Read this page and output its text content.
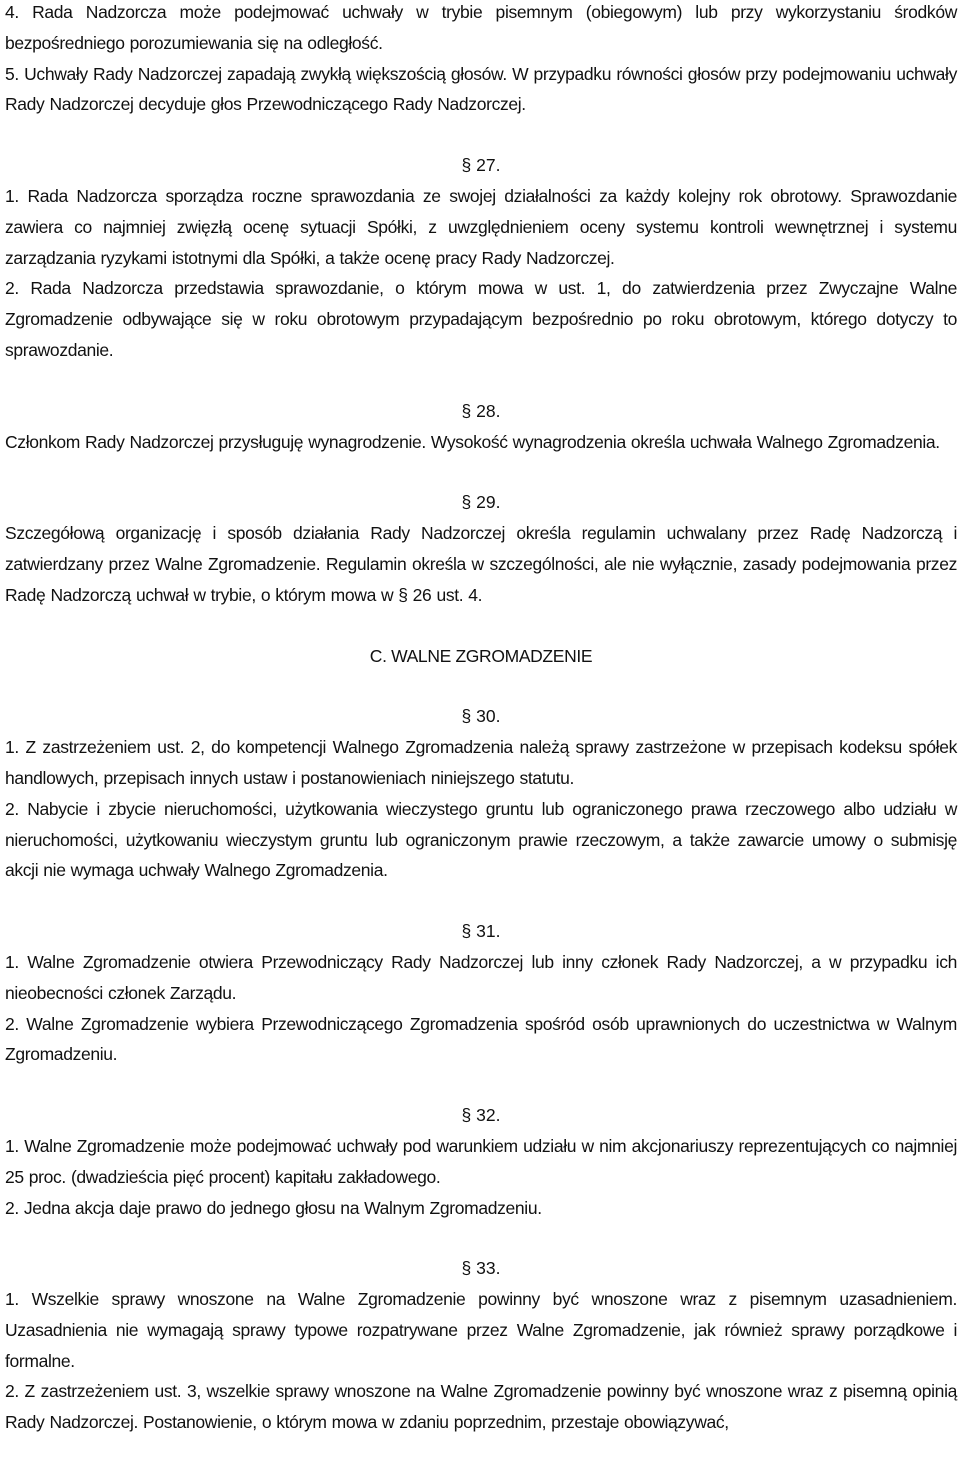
4. Rada Nadzorcza może podejmować uchwały w trybie pisemnym (obiegowym) lub przy wykorzystaniu środków bezpośredniego porozumiewania się na odległość.

5. Uchwały Rady Nadzorczej zapadają zwykłą większością głosów. W przypadku równości głosów przy podejmowaniu uchwały Rady Nadzorczej decyduje głos Przewodniczącego Rady Nadzorczej.

§ 27.

1. Rada Nadzorcza sporządza roczne sprawozdania ze swojej działalności za każdy kolejny rok obrotowy. Sprawozdanie zawiera co najmniej zwięzłą ocenę sytuacji Spółki, z uwzględnieniem oceny systemu kontroli wewnętrznej i systemu zarządzania ryzykami istotnymi dla Spółki, a także ocenę pracy Rady Nadzorczej.

2. Rada Nadzorcza przedstawia sprawozdanie, o którym mowa w ust. 1, do zatwierdzenia przez Zwyczajne Walne Zgromadzenie odbywające się w roku obrotowym przypadającym bezpośrednio po roku obrotowym, którego dotyczy to sprawozdanie.

§ 28.

Członkom Rady Nadzorczej przysługuję wynagrodzenie. Wysokość wynagrodzenia określa uchwała Walnego Zgromadzenia.

§ 29.

Szczegółową organizację i sposób działania Rady Nadzorczej określa regulamin uchwalany przez Radę Nadzorczą i zatwierdzany przez Walne Zgromadzenie. Regulamin określa w szczególności, ale nie wyłącznie, zasady podejmowania przez Radę Nadzorczą uchwał w trybie, o którym mowa w § 26 ust. 4.

C. WALNE ZGROMADZENIE
§ 30.

1. Z zastrzeżeniem ust. 2, do kompetencji Walnego Zgromadzenia należą sprawy zastrzeżone w przepisach kodeksu spółek handlowych, przepisach innych ustaw i postanowieniach niniejszego statutu.

2. Nabycie i zbycie nieruchomości, użytkowania wieczystego gruntu lub ograniczonego prawa rzeczowego albo udziału w nieruchomości, użytkowaniu wieczystym gruntu lub ograniczonym prawie rzeczowym, a także zawarcie umowy o submisję akcji nie wymaga uchwały Walnego Zgromadzenia.

§ 31.

1. Walne Zgromadzenie otwiera Przewodniczący Rady Nadzorczej lub inny członek Rady Nadzorczej, a w przypadku ich nieobecności członek Zarządu.

2. Walne Zgromadzenie wybiera Przewodniczącego Zgromadzenia spośród osób uprawnionych do uczestnictwa w Walnym Zgromadzeniu.

§ 32.

1. Walne Zgromadzenie może podejmować uchwały pod warunkiem udziału w nim akcjonariuszy reprezentujących co najmniej 25 proc. (dwadzieścia pięć procent) kapitału zakładowego.

2. Jedna akcja daje prawo do jednego głosu na Walnym Zgromadzeniu.

§ 33.

1. Wszelkie sprawy wnoszone na Walne Zgromadzenie powinny być wnoszone wraz z pisemnym uzasadnieniem. Uzasadnienia nie wymagają sprawy typowe rozpatrywane przez Walne Zgromadzenie, jak również sprawy porządkowe i formalne.

2. Z zastrzeżeniem ust. 3, wszelkie sprawy wnoszone na Walne Zgromadzenie powinny być wnoszone wraz z pisemną opinią Rady Nadzorczej. Postanowienie, o którym mowa w zdaniu poprzednim, przestaje obowiązywać,
